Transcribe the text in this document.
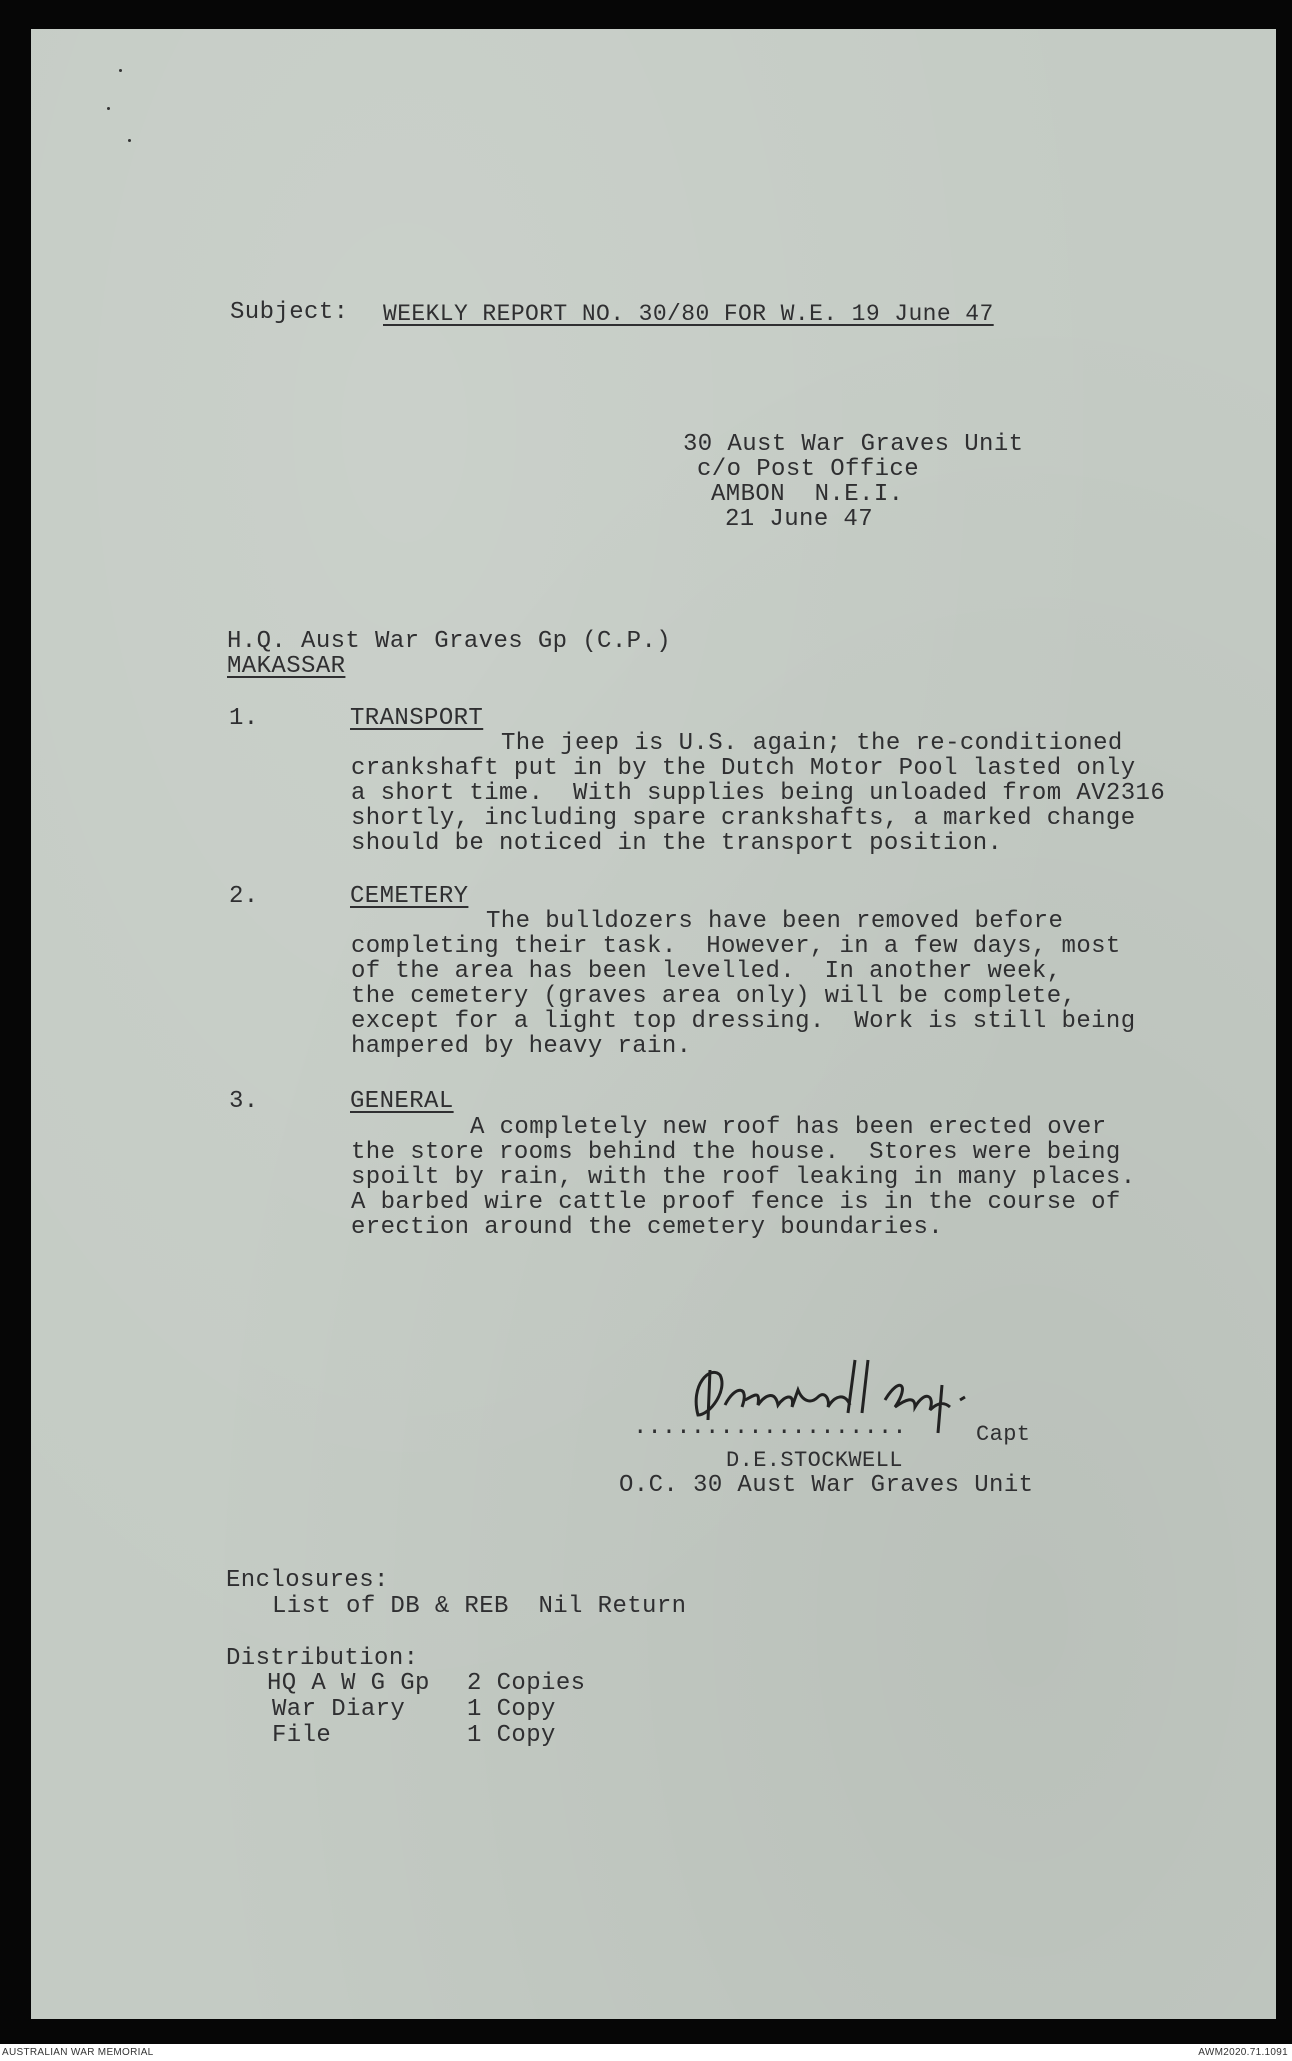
Subject: WEEKLY REPORT NO. 30/80 FOR W.E. 19 June 47
30 Aust War Graves Unit
c/o Post Office
AMBON  N.E.I.
21 June 47
H.Q. Aust War Graves Gp (C.P.)
MAKASSAR
1.	TRANSPORT
The jeep is U.S. again; the re-conditioned
crankshaft put in by the Dutch Motor Pool lasted only
a short time.  With supplies being unloaded from AV2316
shortly, including spare crankshafts, a marked change
should be noticed in the transport position.
2.	CEMETERY
The bulldozers have been removed before
completing their task.  However, in a few days, most
of the area has been levelled.  In another week,
the cemetery (graves area only) will be complete,
except for a light top dressing.  Work is still being
hampered by heavy rain.
3.	GENERAL
A completely new roof has been erected over
the store rooms behind the house.  Stores were being
spoilt by rain, with the roof leaking in many places.
A barbed wire cattle proof fence is in the course of
erection around the cemetery boundaries.
...................	Capt
D.E.STOCKWELL
O.C. 30 Aust War Graves Unit
Enclosures:
List of DB & REB  Nil Return
Distribution:
HQ A W G Gp 2 Copies
War Diary	1 Copy
File	1 Copy
AUSTRALIAN WAR MEMORIAL	AWM2020.71.1091
